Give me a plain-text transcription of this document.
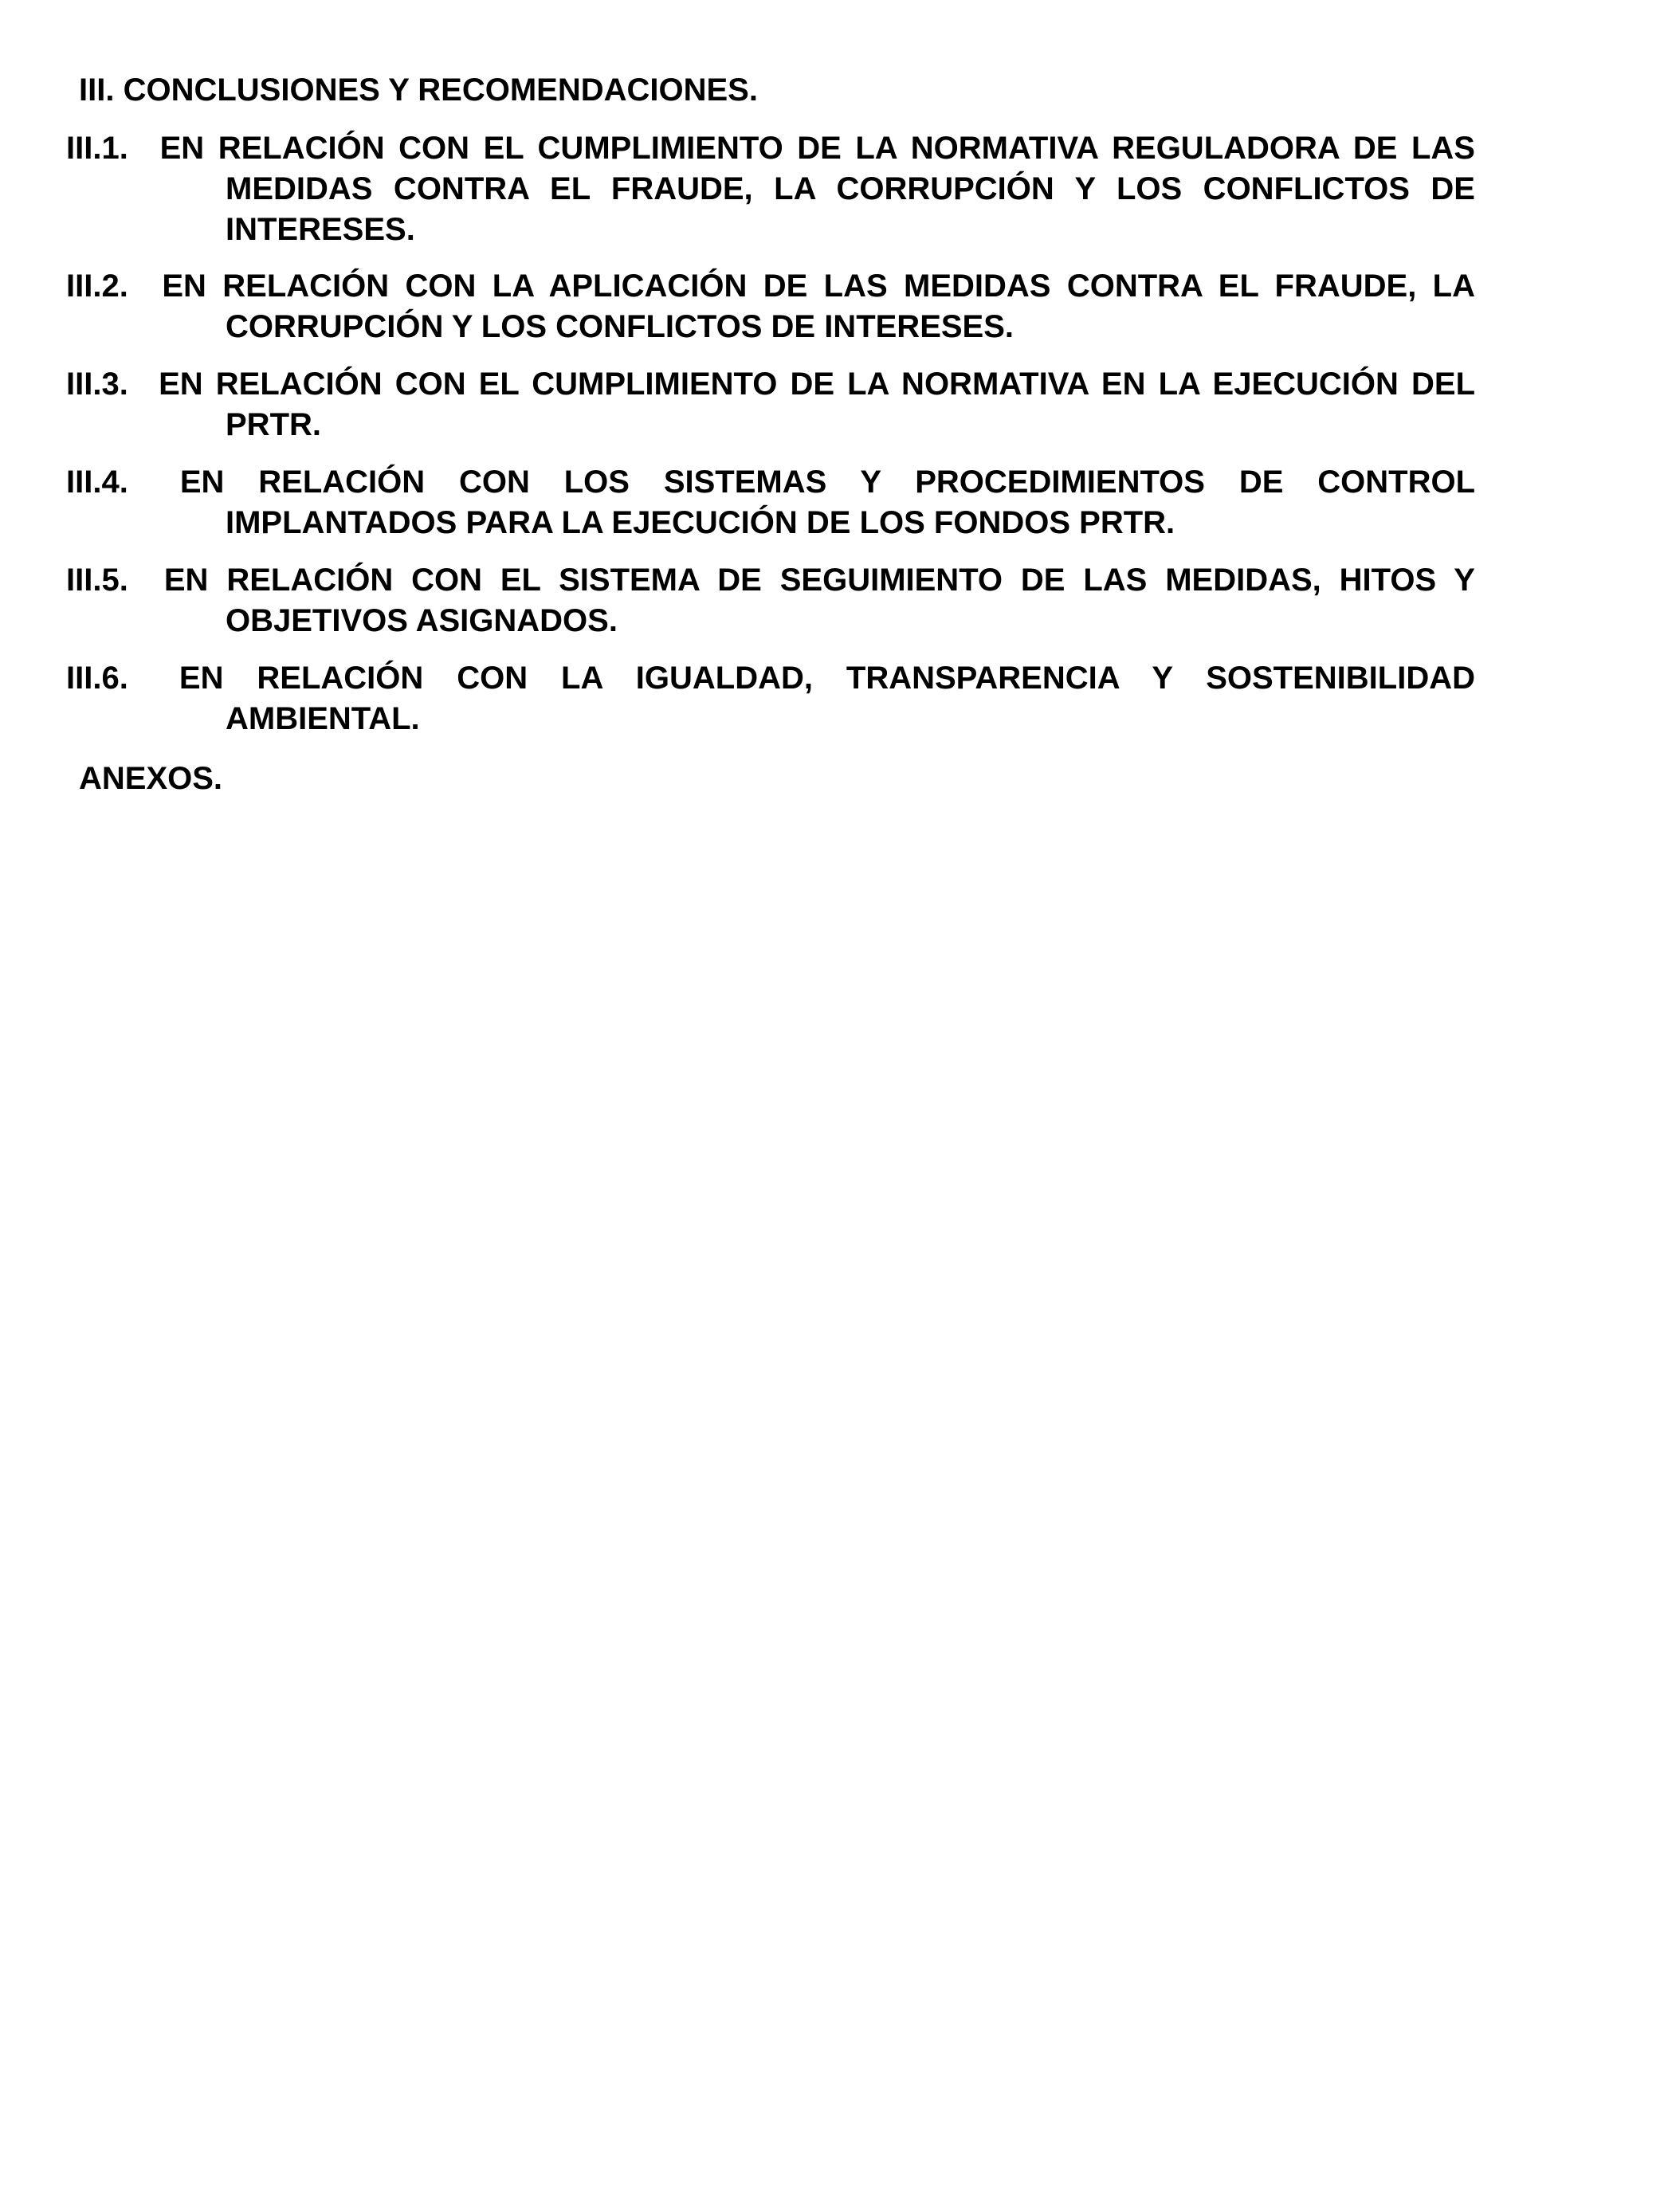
III. CONCLUSIONES Y RECOMENDACIONES.
III.1. EN RELACIÓN CON EL CUMPLIMIENTO DE LA NORMATIVA REGULADORA DE LAS MEDIDAS CONTRA EL FRAUDE, LA CORRUPCIÓN Y LOS CONFLICTOS DE INTERESES.
III.2. EN RELACIÓN CON LA APLICACIÓN DE LAS MEDIDAS CONTRA EL FRAUDE, LA CORRUPCIÓN Y LOS CONFLICTOS DE INTERESES.
III.3. EN RELACIÓN CON EL CUMPLIMIENTO DE LA NORMATIVA EN LA EJECUCIÓN DEL PRTR.
III.4. EN RELACIÓN CON LOS SISTEMAS Y PROCEDIMIENTOS DE CONTROL IMPLANTADOS PARA LA EJECUCIÓN DE LOS FONDOS PRTR.
III.5. EN RELACIÓN CON EL SISTEMA DE SEGUIMIENTO DE LAS MEDIDAS, HITOS Y OBJETIVOS ASIGNADOS.
III.6. EN RELACIÓN CON LA IGUALDAD, TRANSPARENCIA Y SOSTENIBILIDAD AMBIENTAL.
ANEXOS.
